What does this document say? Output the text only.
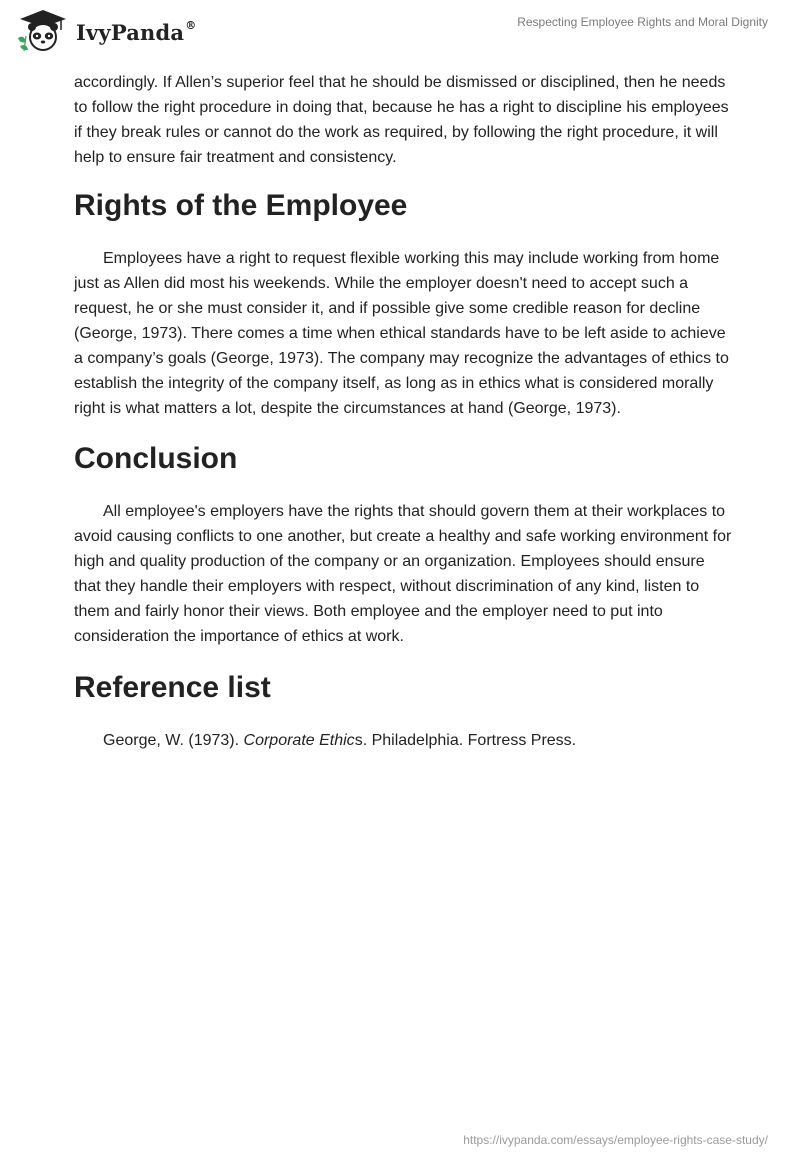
IvyPanda ®	Respecting Employee Rights and Moral Dignity

accordingly. If Allen’s superior feel that he should be dismissed or disciplined, then he needs to follow the right procedure in doing that, because he has a right to discipline his employees if they break rules or cannot do the work as required, by following the right procedure, it will help to ensure fair treatment and consistency.

Rights of the Employee

Employees have a right to request flexible working this may include working from home just as Allen did most his weekends. While the employer doesn't need to accept such a request, he or she must consider it, and if possible give some credible reason for decline (George, 1973). There comes a time when ethical standards have to be left aside to achieve a company’s goals (George, 1973). The company may recognize the advantages of ethics to establish the integrity of the company itself, as long as in ethics what is considered morally right is what matters a lot, despite the circumstances at hand (George, 1973).

Conclusion

All employee's employers have the rights that should govern them at their workplaces to avoid causing conflicts to one another, but create a healthy and safe working environment for high and quality production of the company or an organization. Employees should ensure that they handle their employers with respect, without discrimination of any kind, listen to them and fairly honor their views. Both employee and the employer need to put into consideration the importance of ethics at work.

Reference list

George, W. (1973). Corporate Ethics. Philadelphia. Fortress Press.

https://ivypanda.com/essays/employee-rights-case-study/
